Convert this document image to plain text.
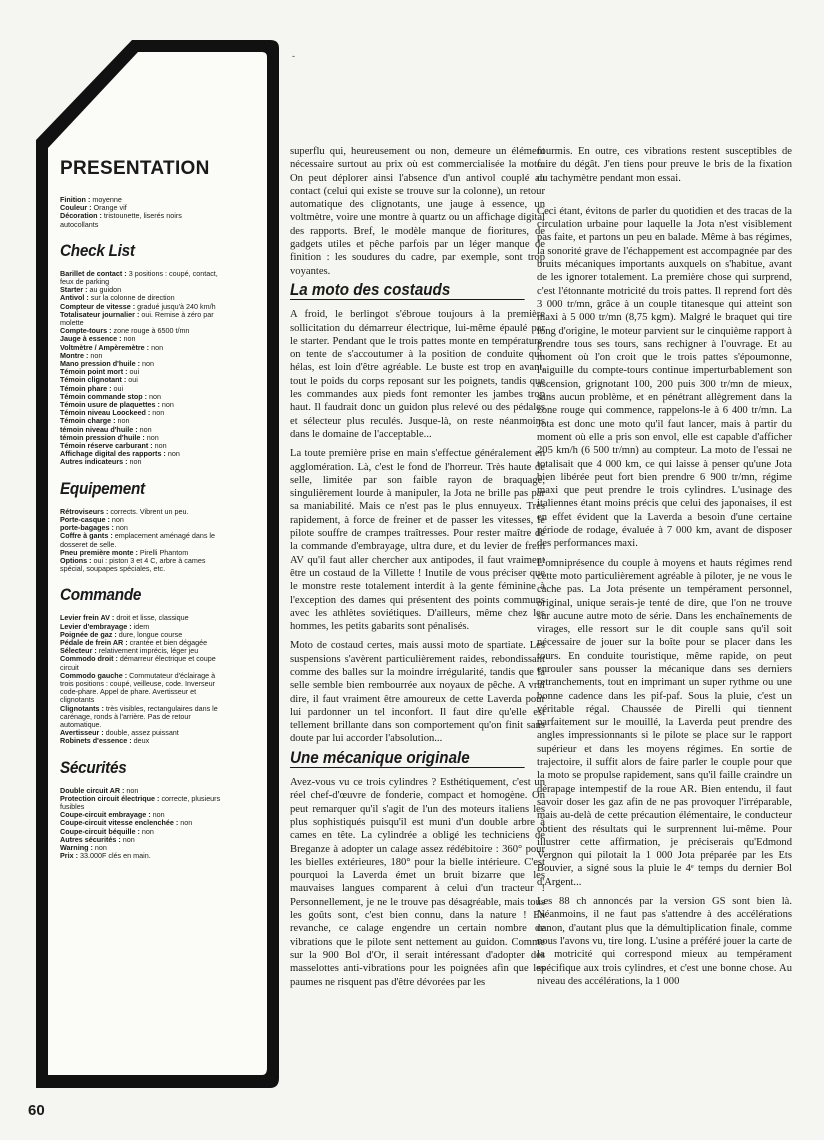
-
PRESENTATION
Finition : moyenne
Couleur : Orange vif
Décoration : tristounette, liserés noirs
autocollants
Check List
Barillet de contact : 3 positions : coupé, contact,
feux de parking
Starter : au guidon
Antivol : sur la colonne de direction
Compteur de vitesse : gradué jusqu'à 240 km/h
Totalisateur journalier : oui. Remise à zéro par
molette
Compte-tours : zone rouge à 6500 t/mn
Jauge à essence : non
Voltmètre / Ampèremètre : non
Montre : non
Mano pression d'huile : non
Témoin point mort : oui
Témoin clignotant : oui
Témoin phare : oui
Témoin commande stop : non
Témoin usure de plaquettes : non
Témoin niveau Loockeed : non
Témoin charge : non
témoin niveau d'huile : non
témoin pression d'huile : non
Témoin réserve carburant : non
Affichage digital des rapports : non
Autres indicateurs : non
Equipement
Rétroviseurs : corrects. Vibrent un peu.
Porte-casque : non
porte-bagages : non
Coffre à gants : emplacement aménagé dans le
dosseret de selle.
Pneu première monte : Pirelli Phantom
Options : oui : piston 3 et 4 C, arbre à cames
spécial, soupapes spéciales, etc.
Commande
Levier frein AV : droit et lisse, classique
Levier d'embrayage : idem
Poignée de gaz : dure, longue course
Pédale de frein AR : crantée et bien dégagée
Sélecteur : relativement imprécis, léger jeu
Commodo droit : démarreur électrique et coupe
circuit
Commodo gauche : Commutateur d'éclairage à
trois positions : coupé, veilleuse, code. Inverseur
code-phare. Appel de phare. Avertisseur et
clignotants
Clignotants : très visibles, rectangulaires dans le
carénage, ronds à l'arrière. Pas de retour
automatique.
Avertisseur : double, assez puissant
Robinets d'essence : deux
Sécurités
Double circuit AR : non
Protection circuit électrique : correcte, plusieurs
fusibles
Coupe-circuit embrayage : non
Coupe-circuit vitesse enclenchée : non
Coupe-circuit béquille : non
Autres sécurités : non
Warning : non
Prix : 33.000F clés en main.

superflu qui, heureusement ou non, demeure un élément nécessaire surtout au prix où est commercialisée la moto. On peut déplorer ainsi l'absence d'un antivol couplé au contact (celui qui existe se trouve sur la colonne), un retour automatique des clignotants, une jauge à essence, un voltmètre, voire une montre à quartz ou un affichage digital des rapports. Bref, le modèle manque de fioritures, de gadgets utiles et pêche parfois par un léger manque de finition : les soudures du cadre, par exemple, sont trop voyantes.

La moto des costauds

A froid, le berlingot s'ébroue toujours à la première sollicitation du démarreur électrique, lui-même épaulé par le starter. Pendant que le trois pattes monte en température, on tente de s'accoutumer à la position de conduite qui, hélas, est loin d'être agréable. Le buste est trop en avant, tout le poids du corps reposant sur les poignets, tandis que les commandes aux pieds font remonter les jambes trop haut. Il faudrait donc un guidon plus relevé ou des pédales et sélecteur plus reculés. Jusque-là, on reste néanmoins dans le domaine de l'acceptable...

La toute première prise en main s'effectue généralement en agglomération. Là, c'est le fond de l'horreur. Très haute de selle, limitée par son faible rayon de braquage, singulièrement lourde à manipuler, la Jota ne brille pas par sa maniabilité. Mais ce n'est pas le plus ennuyeux. Très rapidement, à force de freiner et de passer les vitesses, le pilote souffre de crampes traîtresses. Pour rester maître de la commande d'embrayage, ultra dure, et du levier de frein AV qu'il faut aller chercher aux antipodes, il faut vraiment être un costaud de la Villette ! Inutile de vous préciser que le monstre reste totalement interdit à la gente féminine à l'exception des dames qui présentent des points communs avec les athlètes soviétiques. D'ailleurs, même chez les hommes, les petits gabarits sont pénalisés.

Moto de costaud certes, mais aussi moto de spartiate. Les suspensions s'avèrent particulièrement raides, rebondissant comme des balles sur la moindre irrégularité, tandis que la selle semble bien rembourrée aux noyaux de pêche. A vrai dire, il faut vraiment être amoureux de cette Laverda pour lui pardonner un tel inconfort. Il faut dire qu'elle est tellement brillante dans son comportement qu'on finit sans doute par lui accorder l'absolution...

Une mécanique originale

Avez-vous vu ce trois cylindres ? Esthétiquement, c'est un réel chef-d'œuvre de fonderie, compact et homogène. On peut remarquer qu'il s'agit de l'un des moteurs italiens les plus sophistiqués puisqu'il est muni d'un double arbre à cames en tête. La cylindrée a obligé les techniciens de Breganze à adopter un calage assez rédébitoire : 360° pour les bielles extérieures, 180° pour la bielle intérieure. C'est pourquoi la Laverda émet un bruit bizarre que les mauvaises langues comparent à celui d'un tracteur ! Personnellement, je ne le trouve pas désagréable, mais tous les goûts sont, c'est bien connu, dans la nature ! En revanche, ce calage engendre un certain nombre de vibrations que le pilote sent nettement au guidon. Comme sur la 900 Bol d'Or, il serait intéressant d'adopter des masselottes anti-vibrations pour les poignées afin que les paumes ne risquent pas d'être dévorées par les

fourmis. En outre, ces vibrations restent susceptibles de faire du dégât. J'en tiens pour preuve le bris de la fixation du tachymètre pendant mon essai.

Ceci étant, évitons de parler du quotidien et des tracas de la circulation urbaine pour laquelle la Jota n'est visiblement pas faite, et partons un peu en balade. Même à bas régimes, la sonorité grave de l'échappement est accompagnée par des bruits mécaniques importants auxquels on s'habitue, avant de les ignorer totalement. La première chose qui surprend, c'est l'étonnante motricité du trois pattes. Il reprend fort dès 3 000 tr/mn, grâce à un couple titanesque qui atteint son maxi à 5 000 tr/mn (8,75 kgm). Malgré le braquet qui tire long d'origine, le moteur parvient sur le cinquième rapport à prendre tous ses tours, sans rechigner à l'ouvrage. Et au moment où l'on croit que le trois pattes s'époumonne, l'aiguille du compte-tours continue imperturbablement son ascension, grignotant 100, 200 puis 300 tr/mn de mieux, sans aucun problème, et en pénétrant allègrement dans la zone rouge qui commence, rappelons-le à 6 400 tr/mn. La Jota est donc une moto qu'il faut lancer, mais à partir du moment où elle a pris son envol, elle est capable d'afficher 205 km/h (6 500 tr/mn) au compteur. La moto de l'essai ne totalisait que 4 000 km, ce qui laisse à penser qu'une Jota bien libérée peut fort bien prendre 6 900 tr/mn, régime maxi que peut prendre le trois cylindres. L'usinage des italiennes étant moins précis que celui des japonaises, il est en effet évident que la Laverda a besoin d'une certaine période de rodage, évaluée à 7 000 km, avant de disposer des performances maxi.

L'omniprésence du couple à moyens et hauts régimes rend cette moto particulièrement agréable à piloter, je ne vous le cache pas. La Jota présente un tempérament personnel, original, unique serais-je tenté de dire, que l'on ne trouve sur aucune autre moto de série. Dans les enchaînements de virages, elle ressort sur le dit couple sans qu'il soit nécessaire de jouer sur la boîte pour se placer dans les tours. En conduite touristique, même rapide, on peut enrouler sans pousser la mécanique dans ses derniers retranchements, tout en imprimant un super rythme ou une bonne cadence dans les pif-paf. Sous la pluie, c'est un véritable régal. Chaussée de Pirelli qui tiennent parfaitement sur le mouillé, la Laverda peut prendre des angles impressionnants si le pilote se place sur le rapport supérieur et dans les moyens régimes. En sortie de trajectoire, il suffit alors de faire parler le couple pour que la moto se propulse rapidement, sans qu'il faille craindre un dérapage intempestif de la roue AR. Bien entendu, il faut savoir doser les gaz afin de ne pas provoquer l'irréparable, mais au-delà de cette précaution élémentaire, le conducteur obtient des résultats qui le surprennent lui-même. Pour illustrer cette affirmation, je préciserais qu'Edmond Vergnon qui pilotait la 1 000 Jota préparée par les Ets Bouvier, a signé sous la pluie le 4ᵉ temps du dernier Bol d'Argent...

Les 88 ch annoncés par la version GS sont bien là. Néanmoins, il ne faut pas s'attendre à des accélérations canon, d'autant plus que la démultiplication finale, comme nous l'avons vu, tire long. L'usine a préféré jouer la carte de la motricité qui correspond mieux au tempérament spécifique aux trois cylindres, et c'est une bonne chose. Au niveau des accélérations, la 1 000

60
